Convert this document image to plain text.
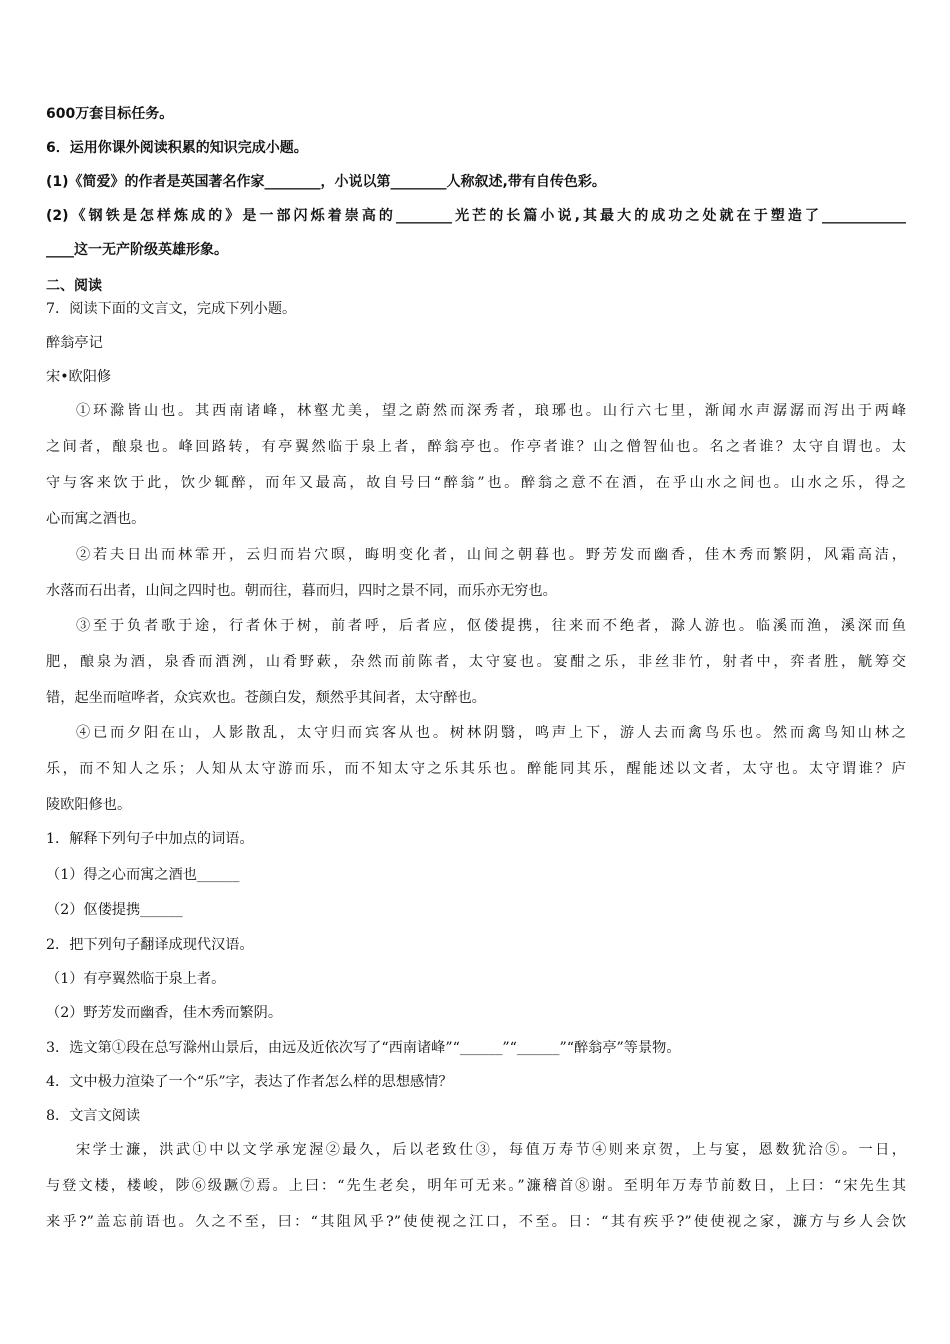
600万套目标任务。
6．运用你课外阅读积累的知识完成小题。
(1)《简爱》的作者是英国著名作家________，小说以第________人称叙述,带有自传色彩。
(2)《钢铁是怎样炼成的》是一部闪烁着崇高的________光芒的长篇小说,其最大的成功之处就在于塑造了____________
____这一无产阶级英雄形象。
二、阅读
7．阅读下面的文言文，完成下列小题。
醉翁亭记
宋•欧阳修
①环滁皆山也。其西南诸峰，林壑尤美，望之蔚然而深秀者，琅琊也。山行六七里，渐闻水声潺潺而泻出于两峰
之间者，酿泉也。峰回路转，有亭翼然临于泉上者，醉翁亭也。作亭者谁？山之僧智仙也。名之者谁？太守自谓也。太
守与客来饮于此，饮少辄醉，而年又最高，故自号曰“醉翁”也。醉翁之意不在酒，在乎山水之间也。山水之乐，得之
心而寓之酒也。
②若夫日出而林霏开，云归而岩穴暝，晦明变化者，山间之朝暮也。野芳发而幽香，佳木秀而繁阴，风霜高洁，
水落而石出者，山间之四时也。朝而往，暮而归，四时之景不同，而乐亦无穷也。
③至于负者歌于途，行者休于树，前者呼，后者应，伛偻提携，往来而不绝者，滁人游也。临溪而渔，溪深而鱼
肥，酿泉为酒，泉香而酒洌，山肴野蔌，杂然而前陈者，太守宴也。宴酣之乐，非丝非竹，射者中，弈者胜，觥筹交
错，起坐而喧哗者，众宾欢也。苍颜白发，颓然乎其间者，太守醉也。
④已而夕阳在山，人影散乱，太守归而宾客从也。树林阴翳，鸣声上下，游人去而禽鸟乐也。然而禽鸟知山林之
乐，而不知人之乐；人知从太守游而乐，而不知太守之乐其乐也。醉能同其乐，醒能述以文者，太守也。太守谓谁？庐
陵欧阳修也。
1．解释下列句子中加点的词语。
（1）得之心而寓之酒也______
（2）伛偻提携______
2．把下列句子翻译成现代汉语。
（1）有亭翼然临于泉上者。
（2）野芳发而幽香，佳木秀而繁阴。
3．选文第①段在总写滁州山景后，由远及近依次写了“西南诸峰”“______”“______”“醉翁亭”等景物。
4．文中极力渲染了一个“乐”字，表达了作者怎么样的思想感情？
8．文言文阅读
宋学士濂，洪武①中以文学承宠渥②最久，后以老致仕③，每值万寿节④则来京贺，上与宴，恩数犹洽⑤。一日，
与登文楼，楼峻，陟⑥级蹶⑦焉。上曰：“先生老矣，明年可无来。”濂稽首⑧谢。至明年万寿节前数日，上曰：“宋先生其
来乎?”盖忘前语也。久之不至，曰：“其阻风乎?”使使视之江口，不至。日：“其有疾乎?”使使视之家，濂方与乡人会饮
